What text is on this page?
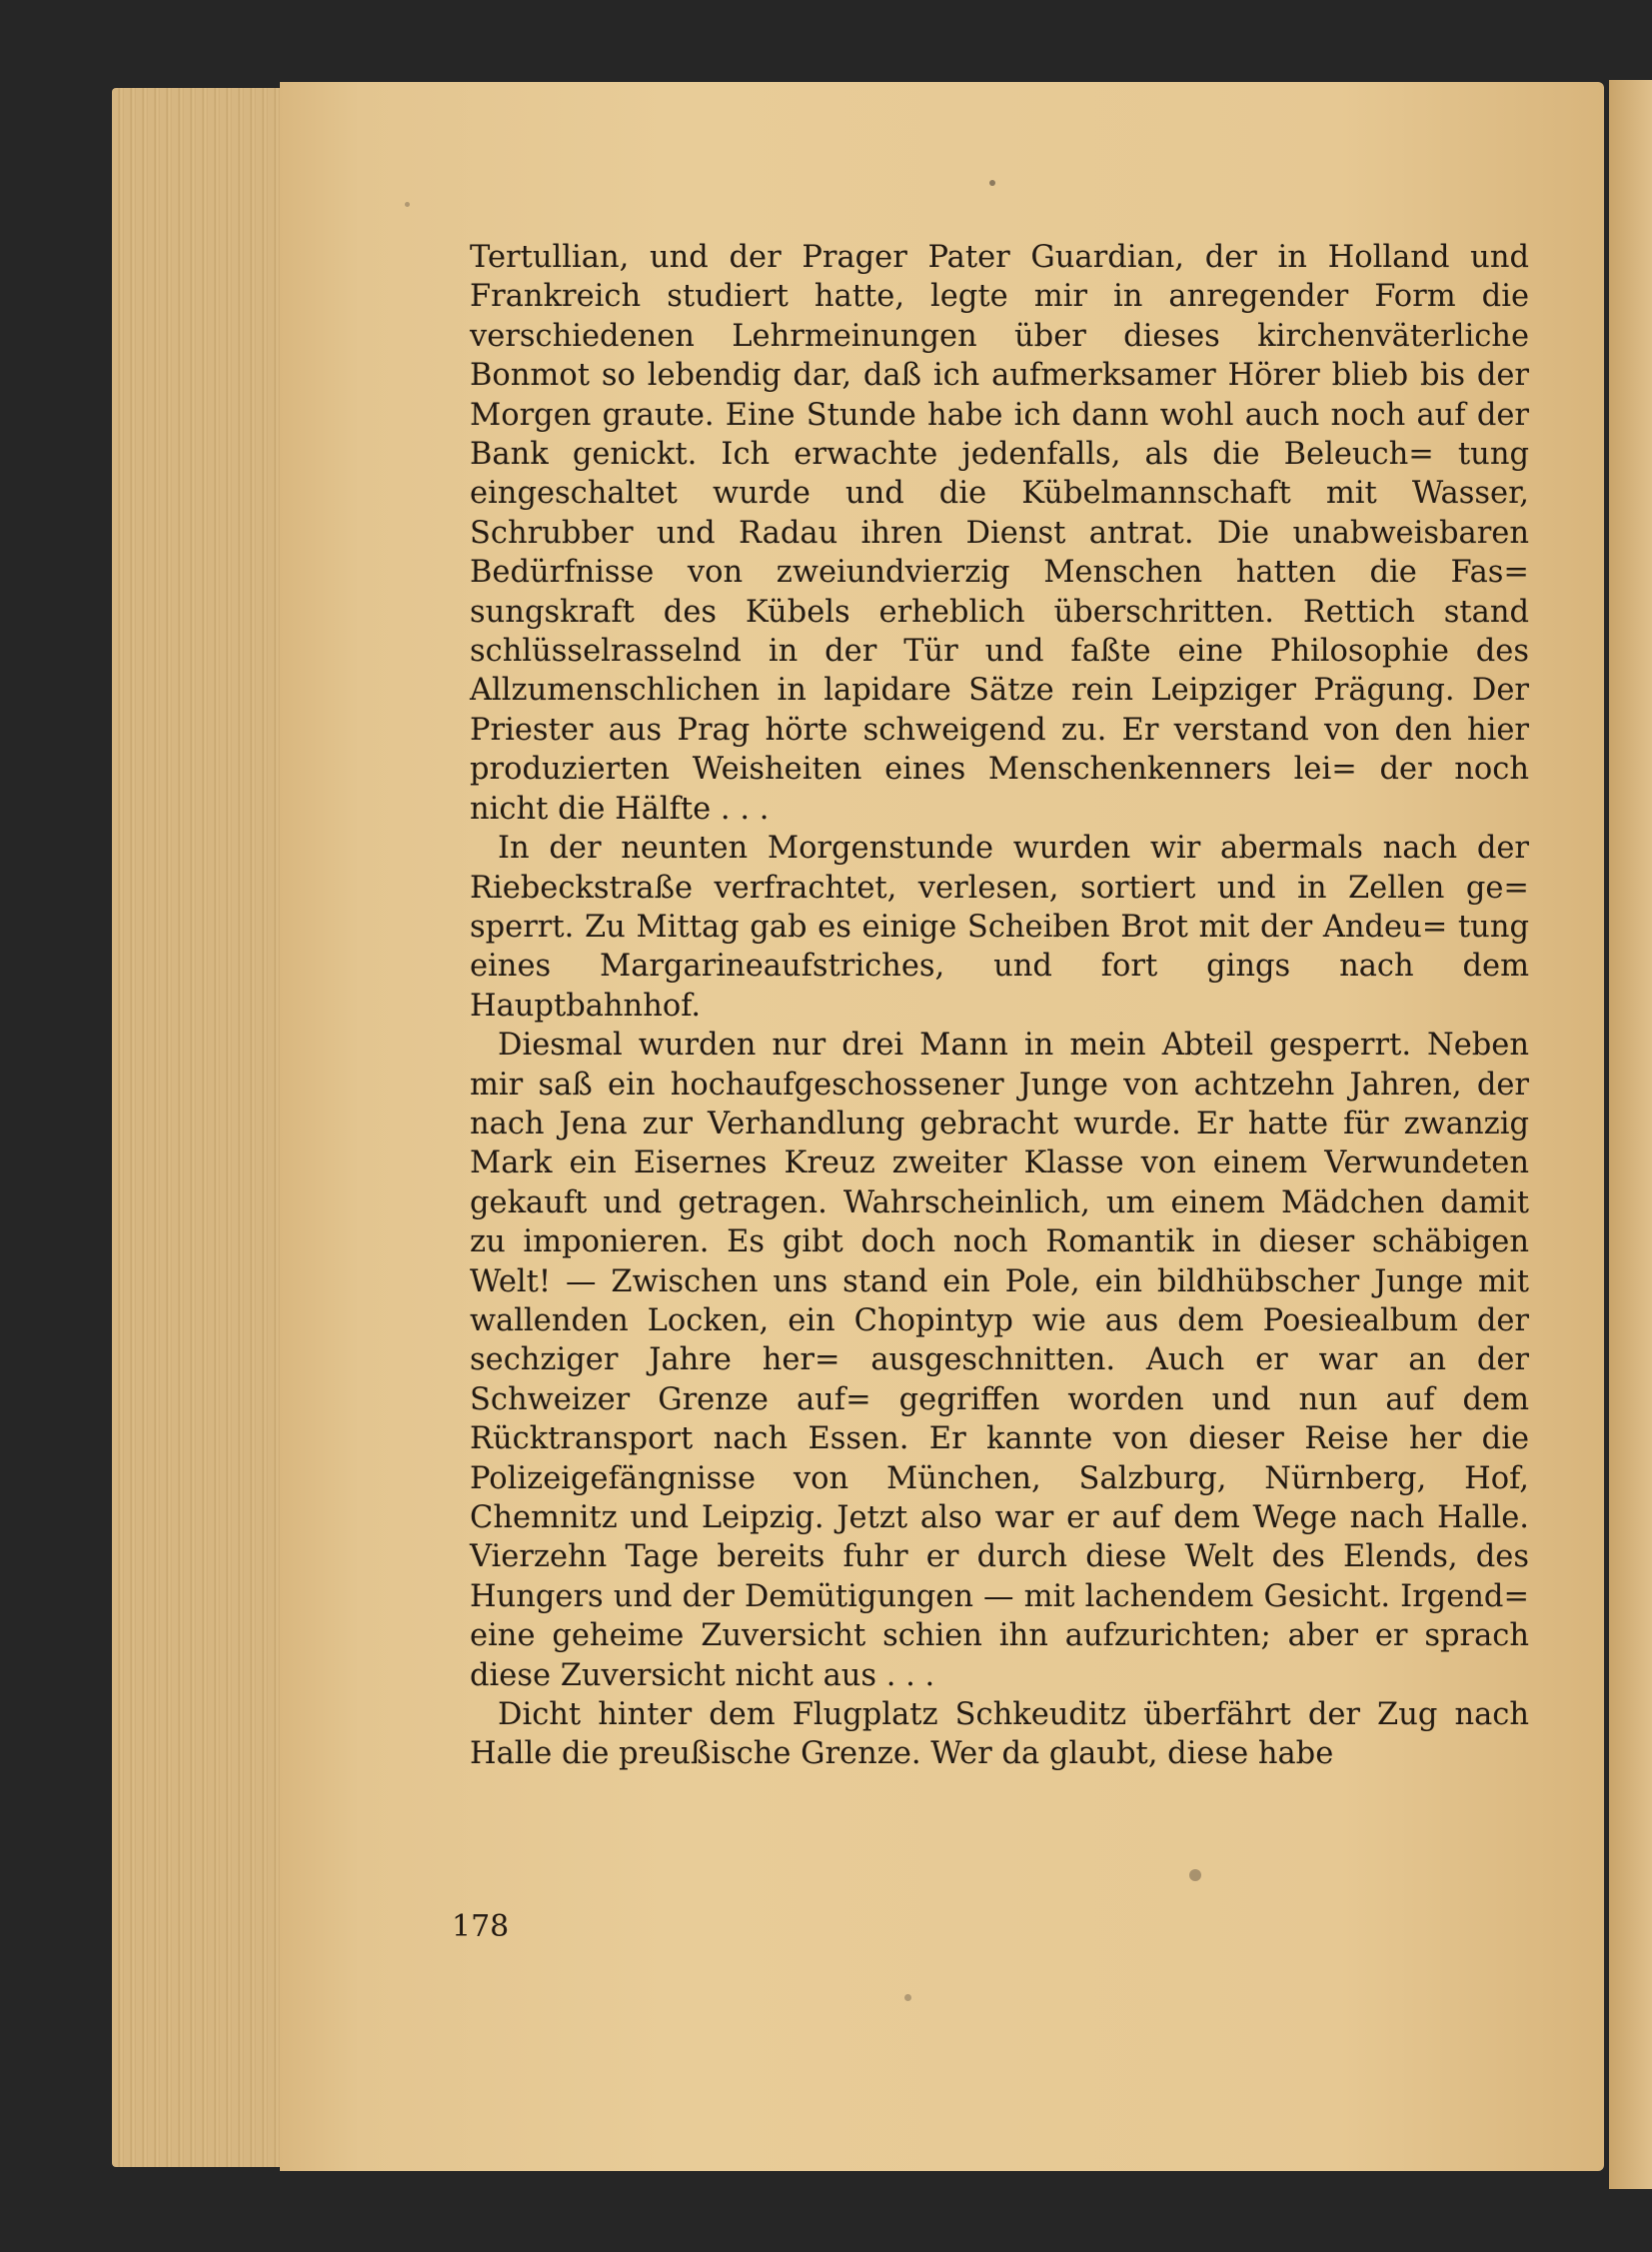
Tertullian, und der Prager Pater Guardian, der in Holland und Frankreich studiert hatte, legte mir in anregender Form die verschiedenen Lehrmeinungen über dieses kirchenväterliche Bonmot so lebendig dar, daß ich aufmerksamer Hörer blieb bis der Morgen graute. Eine Stunde habe ich dann wohl auch noch auf der Bank genickt. Ich erwachte jedenfalls, als die Beleuch= tung eingeschaltet wurde und die Kübelmannschaft mit Wasser, Schrubber und Radau ihren Dienst antrat. Die unabweisbaren Bedürfnisse von zweiundvierzig Menschen hatten die Fas= sungskraft des Kübels erheblich überschritten. Rettich stand schlüsselrasselnd in der Tür und faßte eine Philosophie des Allzumenschlichen in lapidare Sätze rein Leipziger Prägung. Der Priester aus Prag hörte schweigend zu. Er verstand von den hier produzierten Weisheiten eines Menschenkenners lei= der noch nicht die Hälfte . . .

In der neunten Morgenstunde wurden wir abermals nach der Riebeckstraße verfrachtet, verlesen, sortiert und in Zellen ge= sperrt. Zu Mittag gab es einige Scheiben Brot mit der Andeu= tung eines Margarineaufstriches, und fort gings nach dem Hauptbahnhof.

Diesmal wurden nur drei Mann in mein Abteil gesperrt. Neben mir saß ein hochaufgeschossener Junge von achtzehn Jahren, der nach Jena zur Verhandlung gebracht wurde. Er hatte für zwanzig Mark ein Eisernes Kreuz zweiter Klasse von einem Verwundeten gekauft und getragen. Wahrscheinlich, um einem Mädchen damit zu imponieren. Es gibt doch noch Romantik in dieser schäbigen Welt! — Zwischen uns stand ein Pole, ein bildhübscher Junge mit wallenden Locken, ein Chopintyp wie aus dem Poesiealbum der sechziger Jahre her= ausgeschnitten. Auch er war an der Schweizer Grenze auf= gegriffen worden und nun auf dem Rücktransport nach Essen. Er kannte von dieser Reise her die Polizeigefängnisse von München, Salzburg, Nürnberg, Hof, Chemnitz und Leipzig. Jetzt also war er auf dem Wege nach Halle. Vierzehn Tage bereits fuhr er durch diese Welt des Elends, des Hungers und der Demütigungen — mit lachendem Gesicht. Irgend= eine geheime Zuversicht schien ihn aufzurichten; aber er sprach diese Zuversicht nicht aus . . .

Dicht hinter dem Flugplatz Schkeuditz überfährt der Zug nach Halle die preußische Grenze. Wer da glaubt, diese habe

178
